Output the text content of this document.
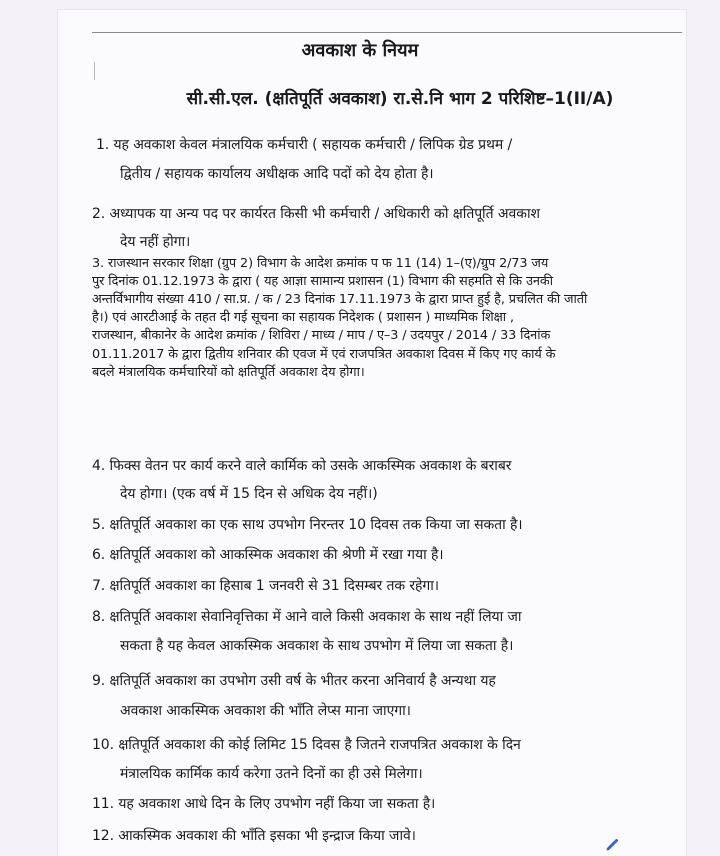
अवकाश के नियम
सी.सी.एल. (क्षतिपूर्ति अवकाश) रा.से.नि भाग 2 परिशिष्ट–1(II/A)
1. यह अवकाश केवल मंत्रालयिक कर्मचारी ( सहायक कर्मचारी / लिपिक ग्रेड प्रथम /
द्वितीय / सहायक कार्यालय अधीक्षक आदि पदों को देय होता है।
2. अध्यापक या अन्य पद पर कार्यरत किसी भी कर्मचारी / अधिकारी को क्षतिपूर्ति अवकाश
देय नहीं होगा।
3. राजस्थान सरकार शिक्षा (ग्रुप 2) विभाग के आदेश क्रमांक प फ 11 (14) 1–(ए)/ग्रुप 2/73 जय
पुर दिनांक 01.12.1973 के द्वारा ( यह आज्ञा सामान्य प्रशासन (1) विभाग की सहमति से कि उनकी
अन्तर्विभागीय संख्या 410 / सा.प्र. / क / 23 दिनांक 17.11.1973 के द्वारा प्राप्त हुई है, प्रचलित की जाती
है।) एवं आरटीआई के तहत दी गई सूचना का सहायक निदेशक ( प्रशासन ) माध्यमिक शिक्षा ,
राजस्थान, बीकानेर के आदेश क्रमांक / शिविरा / माध्य / माप / ए–3 / उदयपुर / 2014 / 33 दिनांक
01.11.2017 के द्वारा द्वितीय शनिवार की एवज में एवं राजपत्रित अवकाश दिवस में किए गए कार्य के
बदले मंत्रालयिक कर्मचारियों को क्षतिपूर्ति अवकाश देय होगा।
4. फिक्स वेतन पर कार्य करने वाले कार्मिक को उसके आकस्मिक अवकाश के बराबर
देय होगा। (एक वर्ष में 15 दिन से अधिक देय नहीं।)
5. क्षतिपूर्ति अवकाश का एक साथ उपभोग निरन्तर 10 दिवस तक किया जा सकता है।
6. क्षतिपूर्ति अवकाश को आकस्मिक अवकाश की श्रेणी में रखा गया है।
7. क्षतिपूर्ति अवकाश का हिसाब 1 जनवरी से 31 दिसम्बर तक रहेगा।
8. क्षतिपूर्ति अवकाश सेवानिवृत्तिका में आने वाले किसी अवकाश के साथ नहीं लिया जा
सकता है यह केवल आकस्मिक अवकाश के साथ उपभोग में लिया जा सकता है।
9. क्षतिपूर्ति अवकाश का उपभोग उसी वर्ष के भीतर करना अनिवार्य है अन्यथा यह
अवकाश आकस्मिक अवकाश की भाँति लेप्स माना जाएगा।
10. क्षतिपूर्ति अवकाश की कोई लिमिट 15 दिवस है जितने राजपत्रित अवकाश के दिन
मंत्रालयिक कार्मिक कार्य करेगा उतने दिनों का ही उसे मिलेगा।
11. यह अवकाश आधे दिन के लिए उपभोग नहीं किया जा सकता है।
12. आकस्मिक अवकाश की भाँति इसका भी इन्द्राज किया जावे।
